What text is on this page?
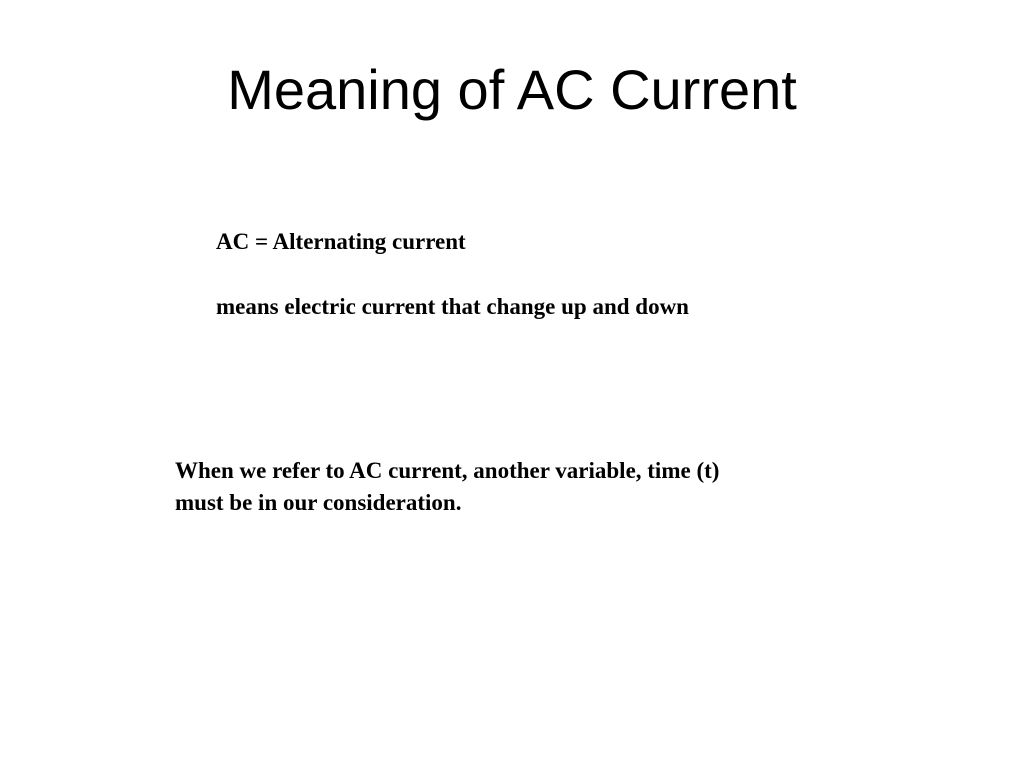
Meaning of AC Current

AC = Alternating current

means electric current that change up and down

When we refer to AC current, another variable, time (t)
must be in our consideration.
